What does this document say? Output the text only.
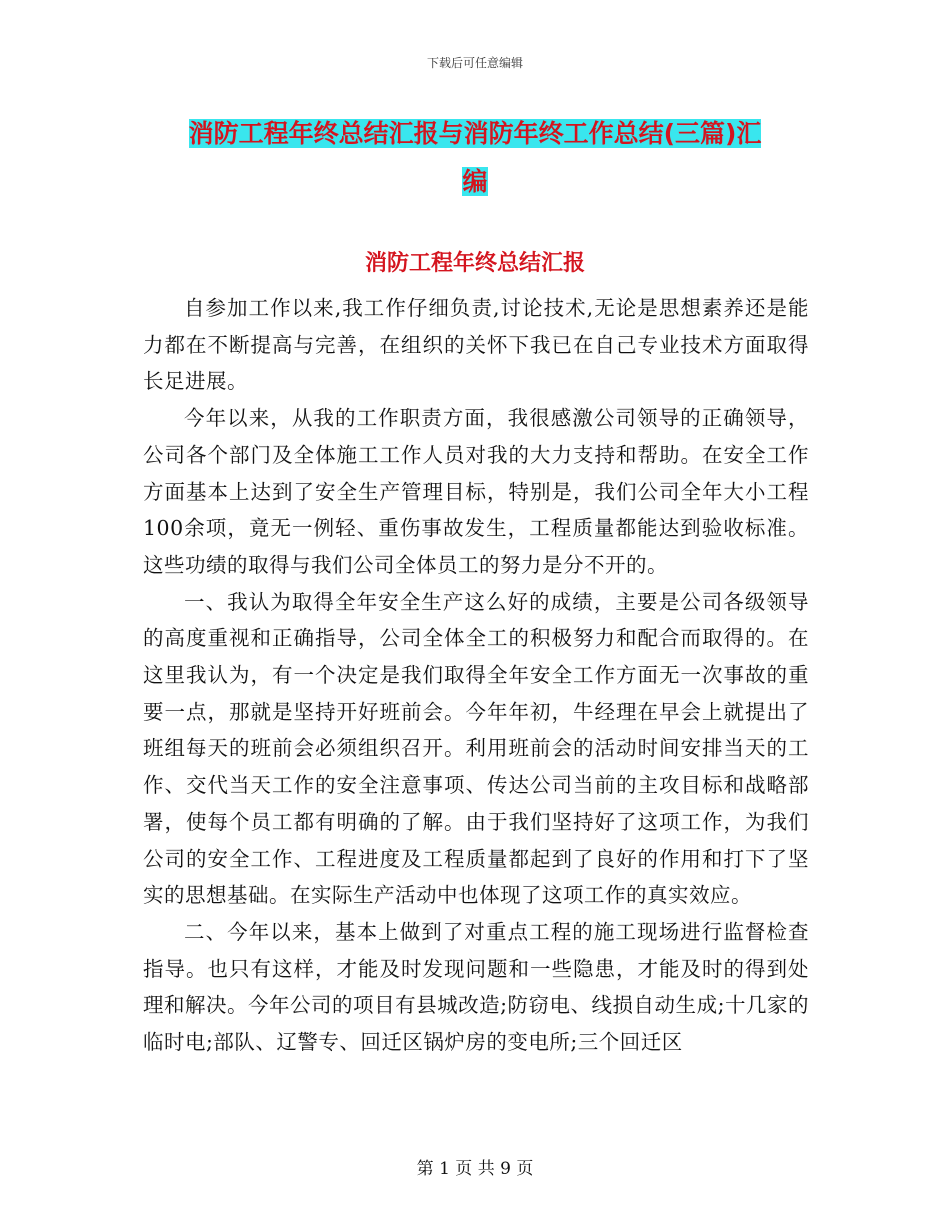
下载后可任意编辑
消防工程年终总结汇报与消防年终工作总结(三篇)汇
编
消防工程年终总结汇报

自参加工作以来,我工作仔细负责,讨论技术,无论是思想素养还是能力都在不断提高与完善，在组织的关怀下我已在自己专业技术方面取得长足进展。

今年以来，从我的工作职责方面，我很感激公司领导的正确领导，公司各个部门及全体施工工作人员对我的大力支持和帮助。在安全工作方面基本上达到了安全生产管理目标，特别是，我们公司全年大小工程100余项，竟无一例轻、重伤事故发生，工程质量都能达到验收标准。这些功绩的取得与我们公司全体员工的努力是分不开的。

一、我认为取得全年安全生产这么好的成绩，主要是公司各级领导的高度重视和正确指导，公司全体全工的积极努力和配合而取得的。在这里我认为，有一个决定是我们取得全年安全工作方面无一次事故的重要一点，那就是坚持开好班前会。今年年初，牛经理在早会上就提出了班组每天的班前会必须组织召开。利用班前会的活动时间安排当天的工作、交代当天工作的安全注意事项、传达公司当前的主攻目标和战略部署，使每个员工都有明确的了解。由于我们坚持好了这项工作，为我们公司的安全工作、工程进度及工程质量都起到了良好的作用和打下了坚实的思想基础。在实际生产活动中也体现了这项工作的真实效应。

二、今年以来，基本上做到了对重点工程的施工现场进行监督检查指导。也只有这样，才能及时发现问题和一些隐患，才能及时的得到处理和解决。今年公司的项目有县城改造;防窃电、线损自动生成;十几家的临时电;部队、辽警专、回迁区锅炉房的变电所;三个回迁区

第 1 页 共 9 页
